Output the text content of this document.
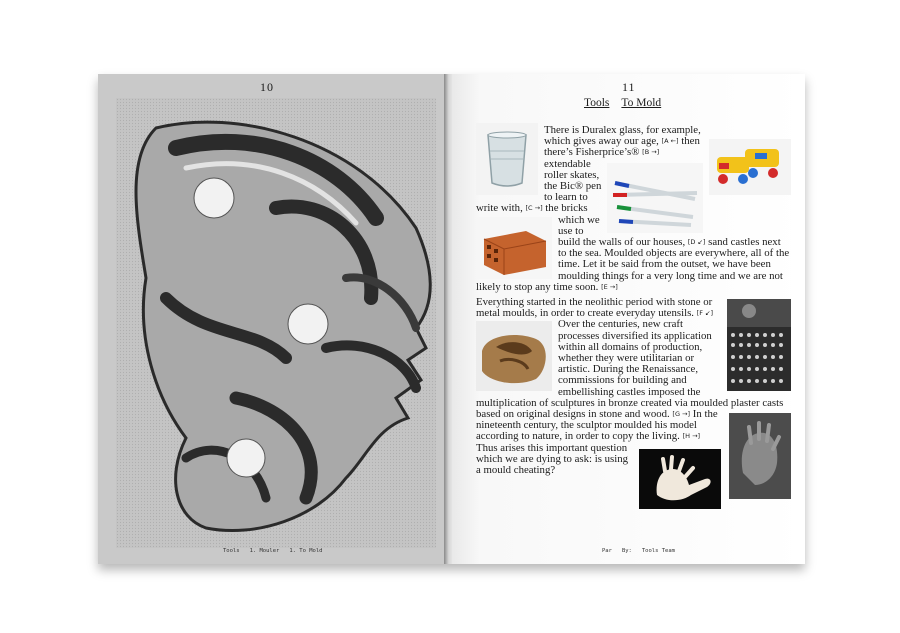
10
Tools 1. Mouler 1. To Mold
11
Tools To Mold

There is Duralex glass, for example, which gives away our age, [A ←] then there’s Fisherprice’s® [B →]
extendable roller skates, the Bic® pen to learn to write with, [C →]
the bricks which we use to build the walls of our houses, [D ↙] sand castles next to the sea. Moulded objects are everywhere, all of the time. Let it be said from the outset, we have been moulding things for a very long time and we are not likely to stop any time soon. [E →]

Everything started in the neolithic period with stone or metal moulds, in order to create everyday utensils. [F ↙]
Over the centuries, new craft processes diversified its application within all domains of production, whether they were utilitarian or artistic. During the Renaissance, commissions for building and embellishing castles imposed the multiplication of sculptures in bronze created via moulded plaster casts based on original designs in stone and wood. [G →]
In the nineteenth century, the sculptor moulded his model according to nature, in order to copy the living. [H →]
Thus arises this important question which we are dying to ask: is using a mould cheating?

Par By: Tools Team
